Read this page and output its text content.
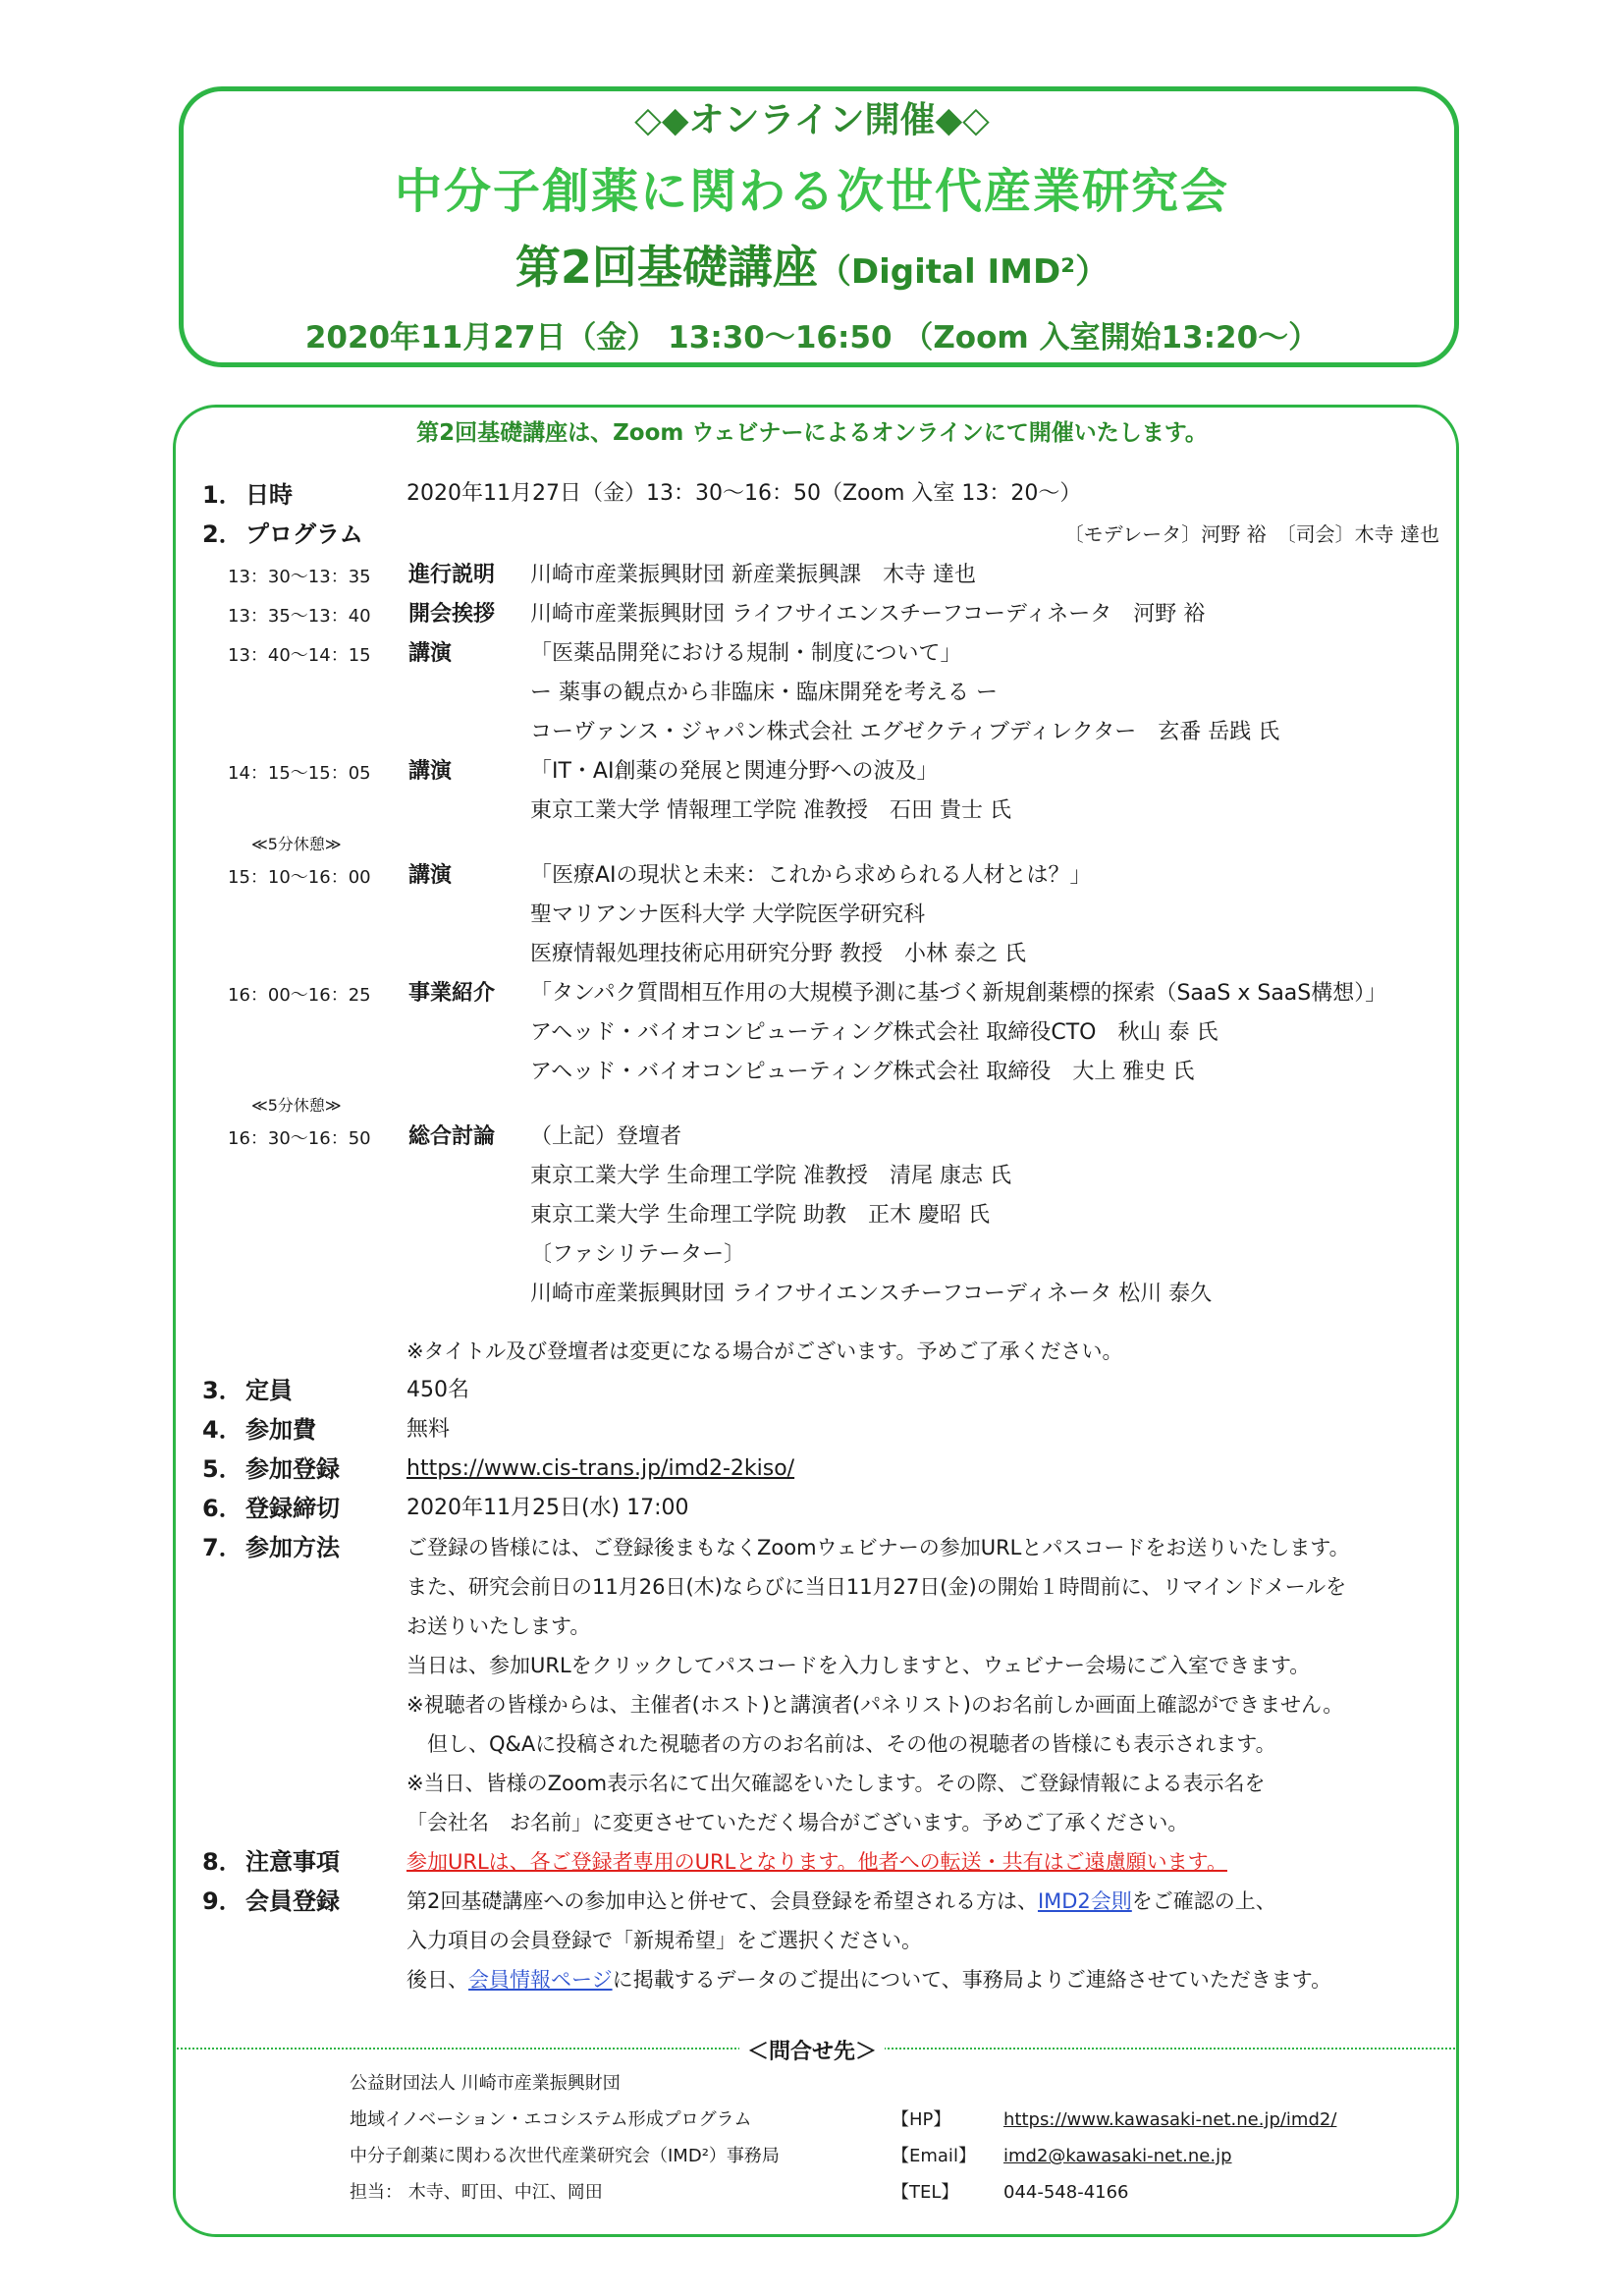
◇◆オンライン開催◆◇
中分子創薬に関わる次世代産業研究会
第2回基礎講座（Digital IMD²）
2020年11月27日（金） 13:30～16:50 （Zoom 入室開始13:20～）
第2回基礎講座は、Zoom ウェビナーによるオンラインにて開催いたします。
1． 日時	2020年11月27日（金）13：30～16：50（Zoom 入室 13：20～）
2． プログラム	〔モデレータ〕河野 裕　〔司会〕木寺 達也
13：30～13：35 進行説明 川崎市産業振興財団 新産業振興課　木寺 達也
13：35～13：40 開会挨拶 川崎市産業振興財団 ライフサイエンスチーフコーディネータ　河野 裕
13：40～14：15 講演	「医薬品開発における規制・制度について」
ー 薬事の観点から非臨床・臨床開発を考える ー
コーヴァンス・ジャパン株式会社 エグゼクティブディレクター　玄番 岳践 氏
14：15～15：05 講演	「IT・AI創薬の発展と関連分野への波及」
東京工業大学 情報理工学院 准教授　石田 貴士 氏
≪5分休憩≫
15：10～16：00 講演	「医療AIの現状と未来：これから求められる人材とは？」
聖マリアンナ医科大学 大学院医学研究科
医療情報処理技術応用研究分野 教授　小林 泰之 氏
16：00～16：25 事業紹介 「タンパク質間相互作用の大規模予測に基づく新規創薬標的探索（SaaS x SaaS構想）」
アヘッド・バイオコンピューティング株式会社 取締役CTO　秋山 泰 氏
アヘッド・バイオコンピューティング株式会社 取締役　大上 雅史 氏
≪5分休憩≫
16：30～16：50 総合討論 （上記）登壇者
東京工業大学 生命理工学院 准教授　清尾 康志 氏
東京工業大学 生命理工学院 助教　正木 慶昭 氏
〔ファシリテーター〕
川崎市産業振興財団 ライフサイエンスチーフコーディネータ 松川 泰久
※タイトル及び登壇者は変更になる場合がございます。予めご了承ください。
3． 定員	450名
4． 参加費	無料
5． 参加登録	https://www.cis-trans.jp/imd2-2kiso/
6． 登録締切	2020年11月25日(水) 17:00
7． 参加方法	ご登録の皆様には、ご登録後まもなくZoomウェビナーの参加URLとパスコードをお送りいたします。
また、研究会前日の11月26日(木)ならびに当日11月27日(金)の開始１時間前に、リマインドメールを
お送りいたします。
当日は、参加URLをクリックしてパスコードを入力しますと、ウェビナー会場にご入室できます。
※視聴者の皆様からは、主催者(ホスト)と講演者(パネリスト)のお名前しか画面上確認ができません。
　但し、Q&Aに投稿された視聴者の方のお名前は、その他の視聴者の皆様にも表示されます。
※当日、皆様のZoom表示名にて出欠確認をいたします。その際、ご登録情報による表示名を
「会社名　お名前」に変更させていただく場合がございます。予めご了承ください。
8． 注意事項	参加URLは、各ご登録者専用のURLとなります。他者への転送・共有はご遠慮願います。
9． 会員登録	第2回基礎講座への参加申込と併せて、会員登録を希望される方は、IMD2会則をご確認の上、
入力項目の会員登録で「新規希望」をご選択ください。
後日、会員情報ページに掲載するデータのご提出について、事務局よりご連絡させていただきます。
＜問合せ先＞
公益財団法人 川崎市産業振興財団
地域イノベーション・エコシステム形成プログラム
中分子創薬に関わる次世代産業研究会（IMD²）事務局
担当： 木寺、町田、中江、岡田
【HP】	https://www.kawasaki-net.ne.jp/imd2/
【Email】 imd2@kawasaki-net.ne.jp
【TEL】	044-548-4166
